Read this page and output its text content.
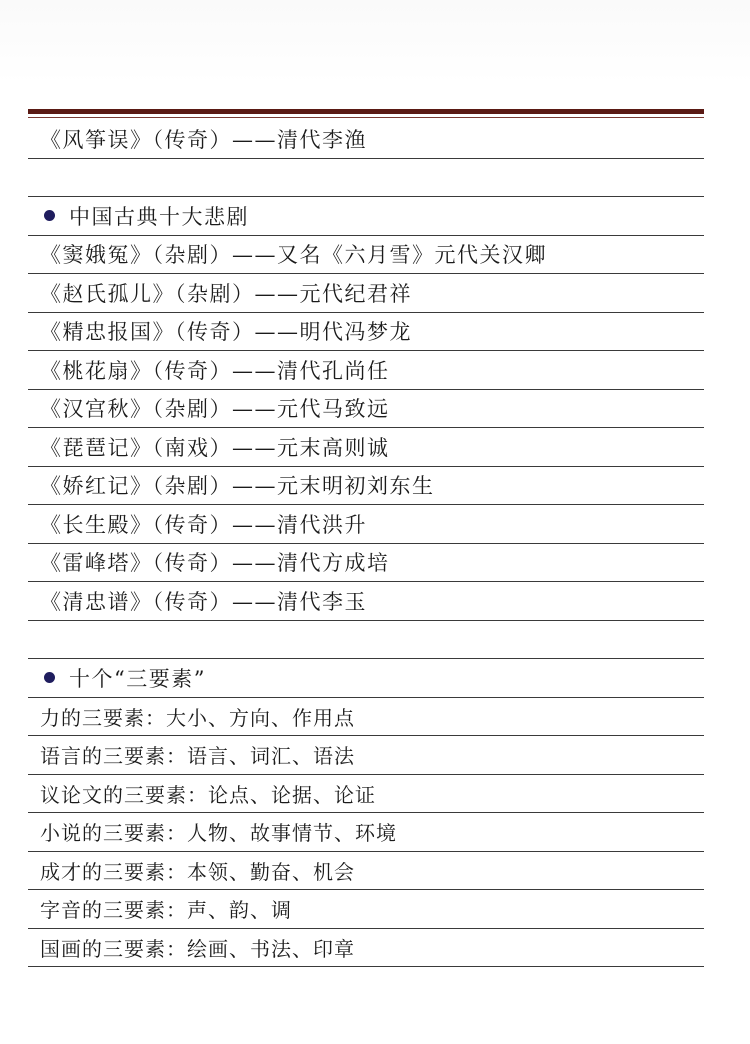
《风筝误》（传奇）——清代李渔
中国古典十大悲剧
《窦娥冤》（杂剧）——又名《六月雪》元代关汉卿
《赵氏孤儿》（杂剧）——元代纪君祥
《精忠报国》（传奇）——明代冯梦龙
《桃花扇》（传奇）——清代孔尚任
《汉宫秋》（杂剧）——元代马致远
《琵琶记》（南戏）——元末高则诚
《娇红记》（杂剧）——元末明初刘东生
《长生殿》（传奇）——清代洪升
《雷峰塔》（传奇）——清代方成培
《清忠谱》（传奇）——清代李玉
十个“三要素”
力的三要素：大小、方向、作用点
语言的三要素：语言、词汇、语法
议论文的三要素：论点、论据、论证
小说的三要素：人物、故事情节、环境
成才的三要素：本领、勤奋、机会
字音的三要素：声、韵、调
国画的三要素：绘画、书法、印章
